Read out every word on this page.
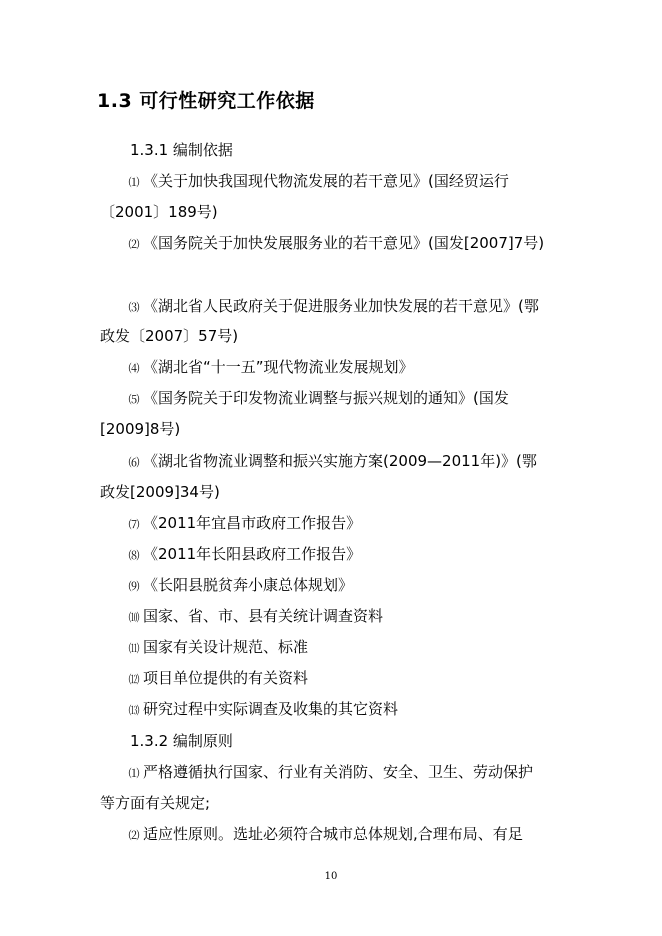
1.3 可行性研究工作依据
1.3.1 编制依据
⑴ 《关于加快我国现代物流发展的若干意见》(国经贸运行
〔2001〕189号)
⑵ 《国务院关于加快发展服务业的若干意见》(国发[2007]7号)
⑶ 《湖北省人民政府关于促进服务业加快发展的若干意见》(鄂
政发〔2007〕57号)
⑷ 《湖北省“十一五”现代物流业发展规划》
⑸ 《国务院关于印发物流业调整与振兴规划的通知》(国发
[2009]8号)
⑹ 《湖北省物流业调整和振兴实施方案(2009—2011年)》(鄂
政发[2009]34号)
⑺ 《2011年宜昌市政府工作报告》
⑻ 《2011年长阳县政府工作报告》
⑼ 《长阳县脱贫奔小康总体规划》
⑽ 国家、省、市、县有关统计调查资料
⑾ 国家有关设计规范、标准
⑿ 项目单位提供的有关资料
⒀ 研究过程中实际调查及收集的其它资料
1.3.2 编制原则
⑴ 严格遵循执行国家、行业有关消防、安全、卫生、劳动保护
等方面有关规定;
⑵ 适应性原则。选址必须符合城市总体规划,合理布局、有足
10
